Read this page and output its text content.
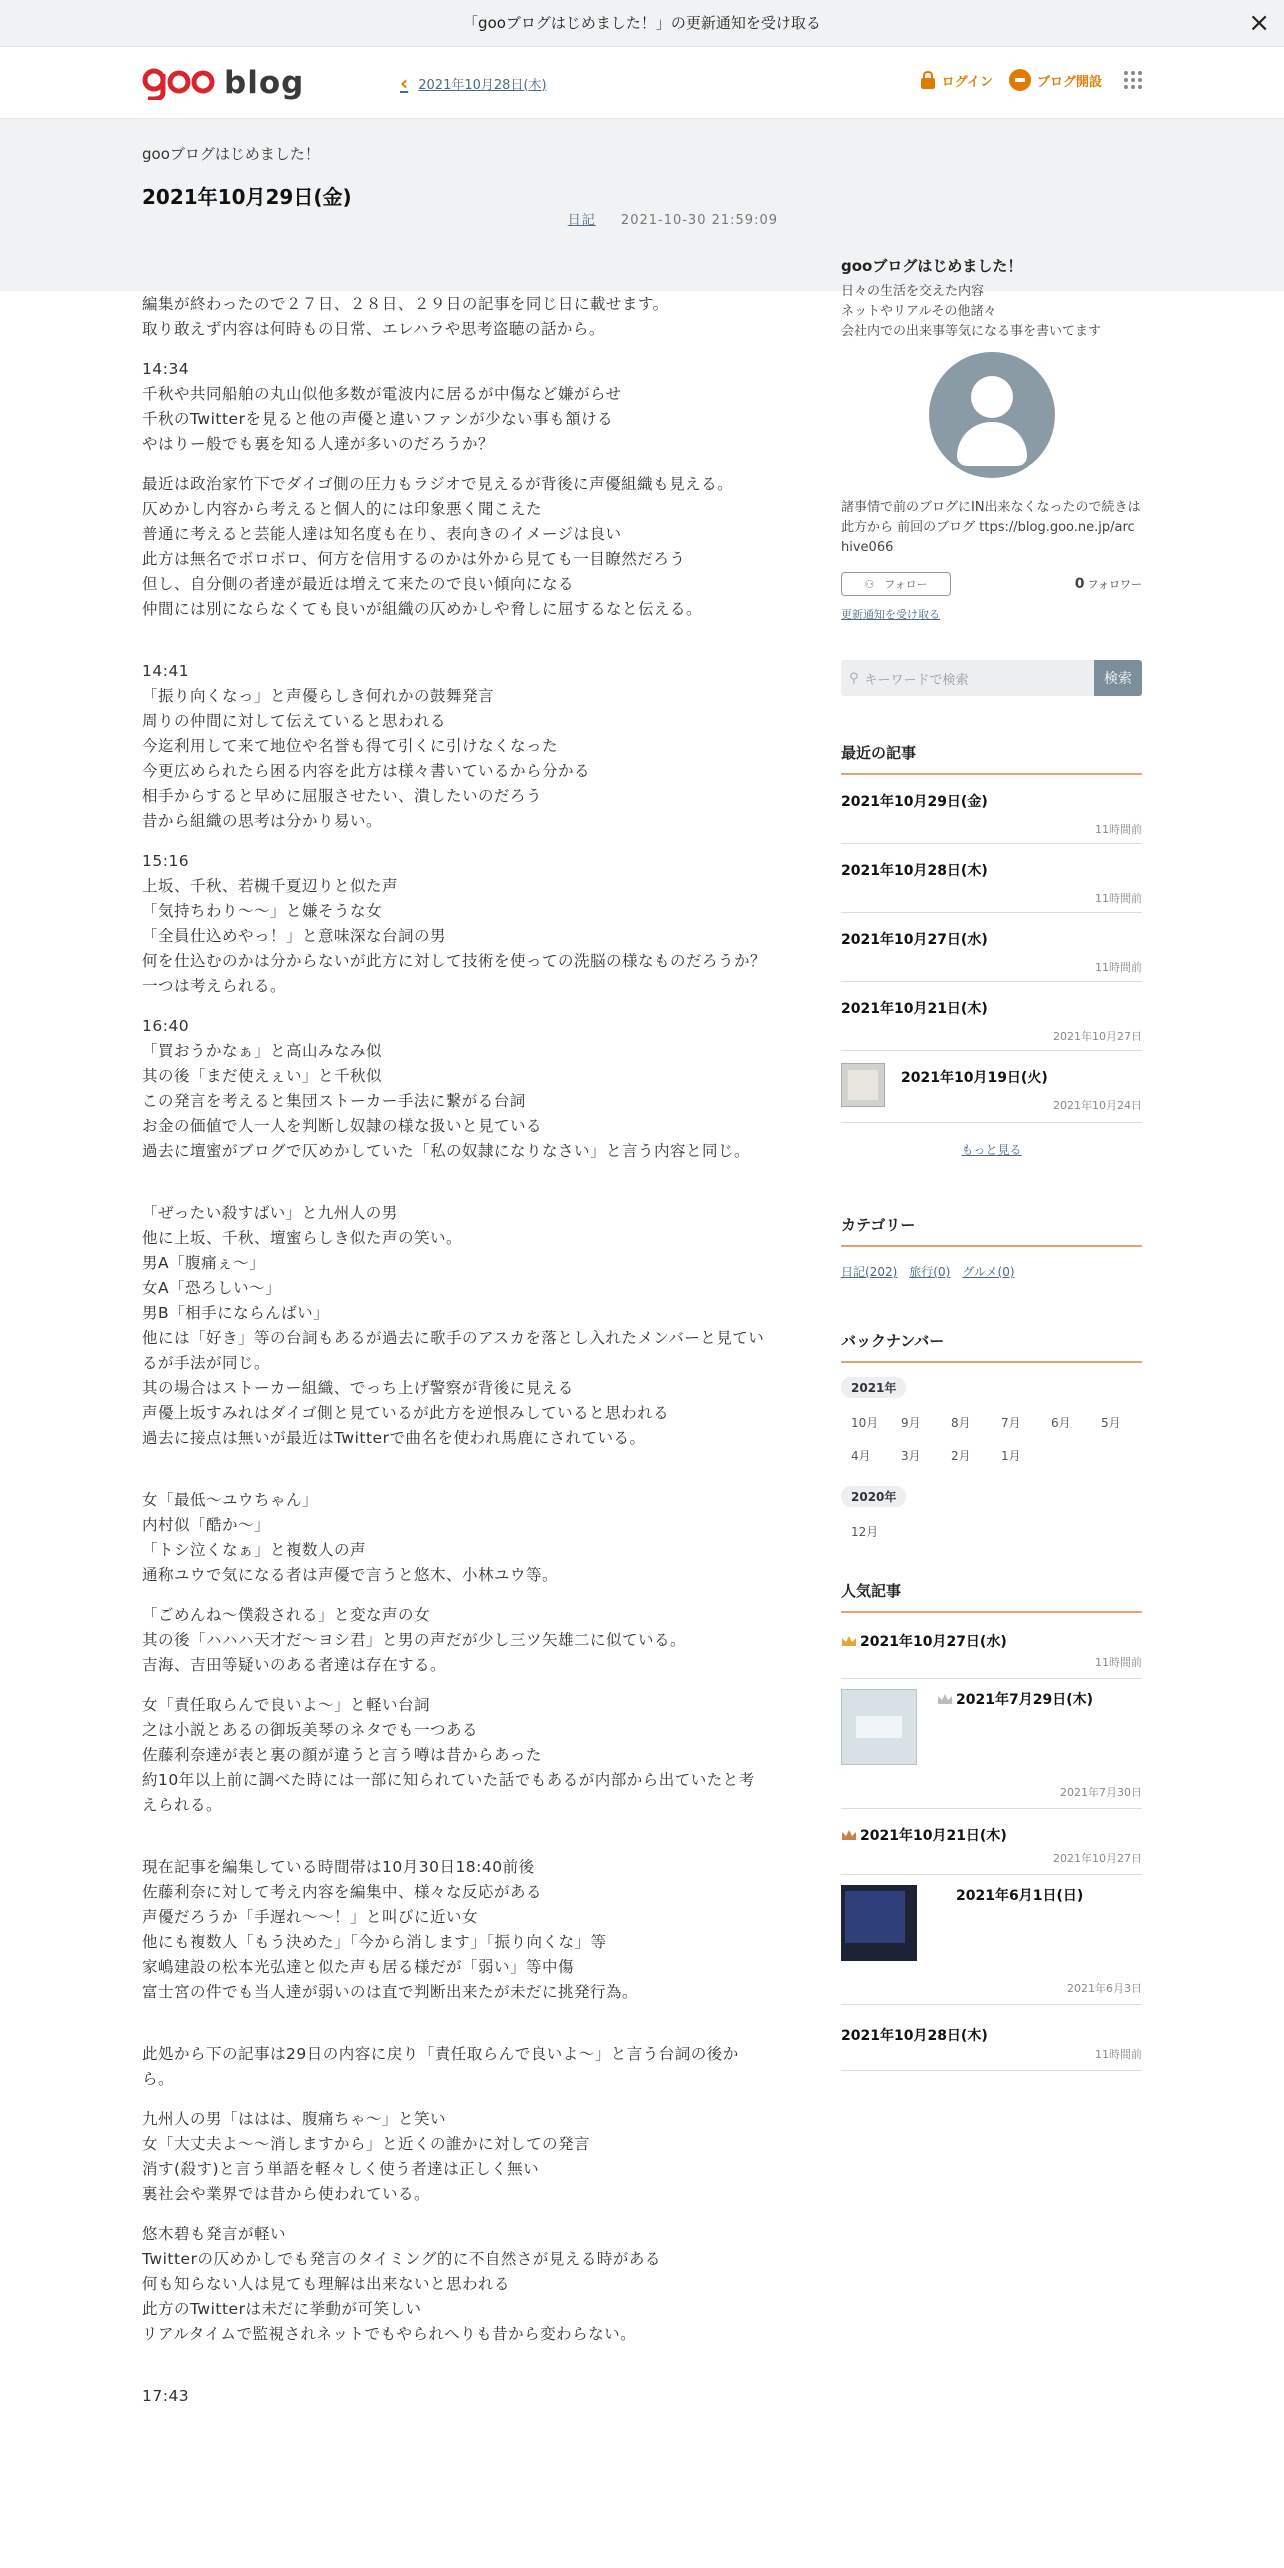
「gooブログはじめました！」の更新通知を受け取る	×
blog	‹ 2021年10月28日(木)	ログイン	ブログ開設
gooブログはじめました！
2021年10月29日(金)
日記 2021-10-30 21:59:09
編集が終わったので２７日、２８日、２９日の記事を同じ日に載せます。
取り敢えず内容は何時もの日常、エレハラや思考盗聴の話から。
14:34
千秋や共同船舶の丸山似他多数が電波内に居るが中傷など嫌がらせ
千秋のTwitterを見ると他の声優と違いファンが少ない事も頷ける
やはりー般でも裏を知る人達が多いのだろうか？
最近は政治家竹下でダイゴ側の圧力もラジオで見えるが背後に声優組織も見える。
仄めかし内容から考えると個人的には印象悪く聞こえた
普通に考えると芸能人達は知名度も在り、表向きのイメージは良い
此方は無名でボロボロ、何方を信用するのかは外から見ても一目瞭然だろう
但し、自分側の者達が最近は増えて来たので良い傾向になる
仲間には別にならなくても良いが組織の仄めかしや脅しに屈するなと伝える。
14:41
「振り向くなっ」と声優らしき何れかの鼓舞発言
周りの仲間に対して伝えていると思われる
今迄利用して来て地位や名誉も得て引くに引けなくなった
今更広められたら困る内容を此方は様々書いているから分かる
相手からすると早めに屈服させたい、潰したいのだろう
昔から組織の思考は分かり易い。
15:16
上坂、千秋、若槻千夏辺りと似た声
「気持ちわり～～」と嫌そうな女
「全員仕込めやっ！」と意味深な台詞の男
何を仕込むのかは分からないが此方に対して技術を使っての洗脳の様なものだろうか？
一つは考えられる。
16:40
「買おうかなぁ」と高山みなみ似
其の後「まだ使えぇい」と千秋似
この発言を考えると集団ストーカー手法に繋がる台詞
お金の価値で人一人を判断し奴隷の様な扱いと見ている
過去に壇蜜がブログで仄めかしていた「私の奴隷になりなさい」と言う内容と同じ。
「ぜったい殺すばい」と九州人の男
他に上坂、千秋、壇蜜らしき似た声の笑い。
男A「腹痛ぇ～」
女A「恐ろしい～」
男B「相手にならんばい」
他には「好き」等の台詞もあるが過去に歌手のアスカを落とし入れたメンバーと見ているが手法が同じ。
其の場合はストーカー組織、でっち上げ警察が背後に見える
声優上坂すみれはダイゴ側と見ているが此方を逆恨みしていると思われる
過去に接点は無いが最近はTwitterで曲名を使われ馬鹿にされている。
女「最低～ユウちゃん」
内村似「酷か～」
「トシ泣くなぁ」と複数人の声
通称ユウで気になる者は声優で言うと悠木、小林ユウ等。
「ごめんね～僕殺される」と変な声の女
其の後「ハハハ天才だ～ヨシ君」と男の声だが少し三ツ矢雄二に似ている。
吉海、吉田等疑いのある者達は存在する。
女「責任取らんで良いよ～」と軽い台詞
之は小説とあるの御坂美琴のネタでも一つある
佐藤利奈達が表と裏の顔が違うと言う噂は昔からあった
約10年以上前に調べた時には一部に知られていた話でもあるが内部から出ていたと考えられる。
現在記事を編集している時間帯は10月30日18:40前後
佐藤利奈に対して考え内容を編集中、様々な反応がある
声優だろうか「手遅れ～～！」と叫びに近い女
他にも複数人「もう決めた」「今から消します」「振り向くな」等
家嶋建設の松本光弘達と似た声も居る様だが「弱い」等中傷
富士宮の件でも当人達が弱いのは直で判断出来たが未だに挑発行為。
此処から下の記事は29日の内容に戻り「責任取らんで良いよ～」と言う台詞の後から。
九州人の男「ははは、腹痛ちゃ～」と笑い
女「大丈夫よ～～消しますから」と近くの誰かに対しての発言
消す(殺す)と言う単語を軽々しく使う者達は正しく無い
裏社会や業界では昔から使われている。
悠木碧も発言が軽い
Twitterの仄めかしでも発言のタイミング的に不自然さが見える時がある
何も知らない人は見ても理解は出来ないと思われる
此方のTwitterは未だに挙動が可笑しい
リアルタイムで監視されネットでもやられへりも昔から変わらない。
17:43
gooブログはじめました！
日々の生活を交えた内容
ネットやリアルその他諸々
会社内での出来事等気になる事を書いてます
諸事情で前のブログにIN出来なくなったので続きは此方から 前回のブログ ttps://blog.goo.ne.jp/archive066
⚇ フォロー	0 フォロワー
更新通知を受け取る
⚲ キーワードで検索	検索
最近の記事
2021年10月29日(金)
11時間前
2021年10月28日(木)
11時間前
2021年10月27日(水)
11時間前
2021年10月21日(木)
2021年10月27日
2021年10月19日(火)
2021年10月24日
もっと見る
カテゴリー
日記(202) 旅行(0) グルメ(0)
バックナンバー
2021年
10月	9月	8月	7月	6月	5月
4月	3月	2月	1月
2020年
12月
人気記事
2021年10月27日(水)
11時間前
2021年7月29日(木)
2021年7月30日
2021年10月21日(木)
2021年10月27日
2021年6月1日(日)
2021年6月3日
2021年10月28日(木)
11時間前
